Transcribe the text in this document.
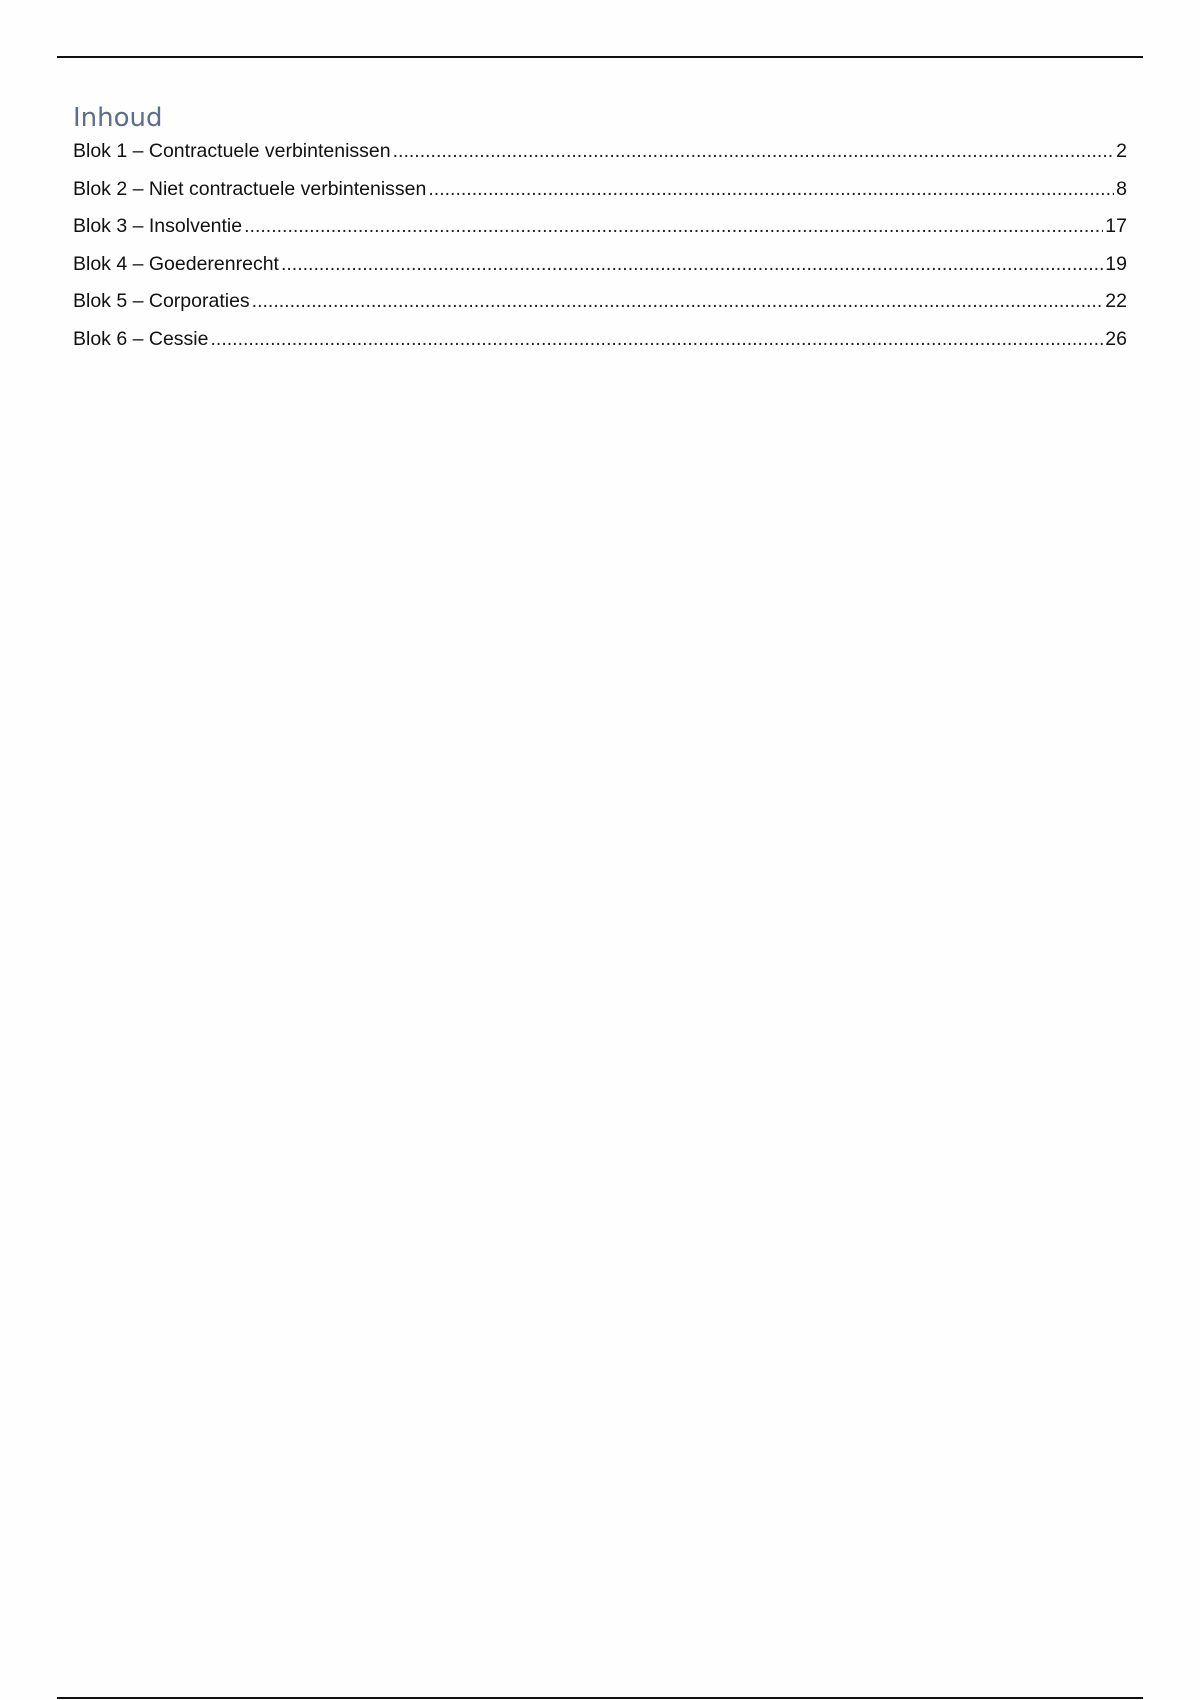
Inhoud
Blok 1 – Contractuele verbintenissen .....	2
Blok 2 – Niet contractuele verbintenissen .....	8
Blok 3 – Insolventie .....	17
Blok 4 – Goederenrecht .....	19
Blok 5 – Corporaties .....	22
Blok 6 – Cessie .....	26
